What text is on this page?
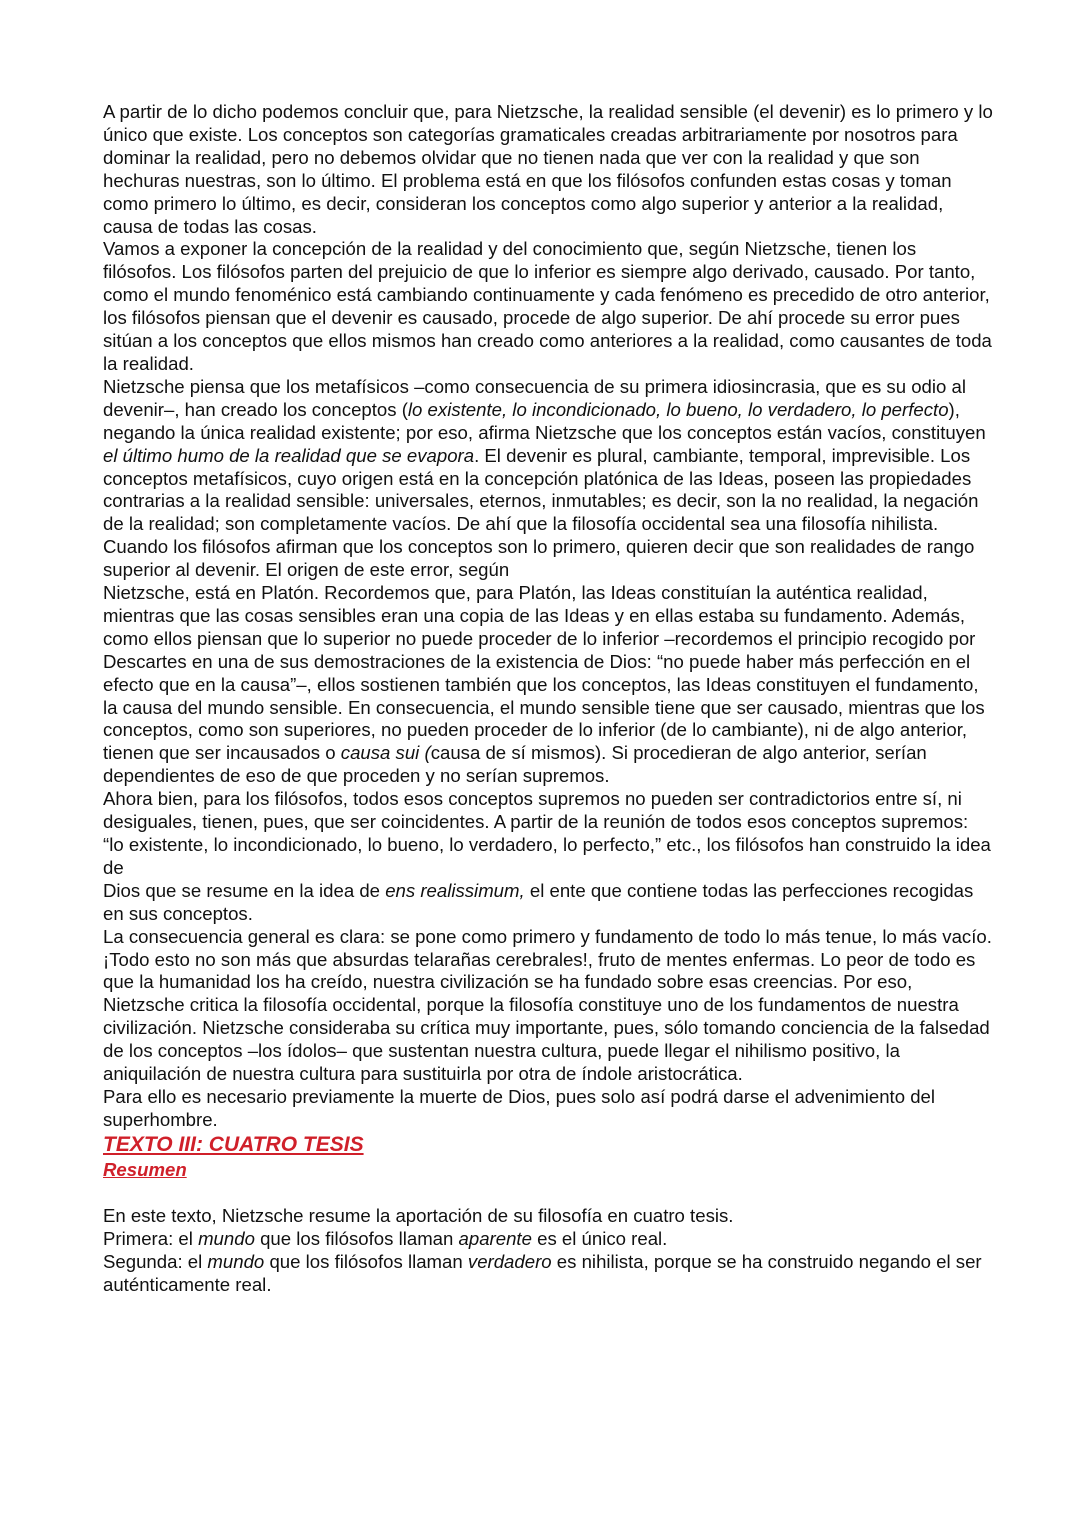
A partir de lo dicho podemos concluir que, para Nietzsche, la realidad sensible (el devenir) es lo primero y lo único que existe. Los conceptos son categorías gramaticales creadas arbitrariamente por nosotros para dominar la realidad, pero no debemos olvidar que no tienen nada que ver con la realidad y que son hechuras nuestras, son lo último. El problema está en que los filósofos confunden estas cosas y toman como primero lo último, es decir, consideran los conceptos como algo superior y anterior a la realidad, causa de todas las cosas.

Vamos a exponer la concepción de la realidad y del conocimiento que, según Nietzsche, tienen los filósofos. Los filósofos parten del prejuicio de que lo inferior es siempre algo derivado, causado. Por tanto, como el mundo fenoménico está cambiando continuamente y cada fenómeno es precedido de otro anterior, los filósofos piensan que el devenir es causado, procede de algo superior. De ahí procede su error pues sitúan a los conceptos que ellos mismos han creado como anteriores a la realidad, como causantes de toda la realidad.

Nietzsche piensa que los metafísicos –como consecuencia de su primera idiosincrasia, que es su odio al devenir–, han creado los conceptos (lo existente, lo incondicionado, lo bueno, lo verdadero, lo perfecto), negando la única realidad existente; por eso, afirma Nietzsche que los conceptos están vacíos, constituyen el último humo de la realidad que se evapora. El devenir es plural, cambiante, temporal, imprevisible. Los conceptos metafísicos, cuyo origen está en la concepción platónica de las Ideas, poseen las propiedades contrarias a la realidad sensible: universales, eternos, inmutables; es decir, son la no realidad, la negación de la realidad; son completamente vacíos. De ahí que la filosofía occidental sea una filosofía nihilista.

Cuando los filósofos afirman que los conceptos son lo primero, quieren decir que son realidades de rango superior al devenir. El origen de este error, según

Nietzsche, está en Platón. Recordemos que, para Platón, las Ideas constituían la auténtica realidad, mientras que las cosas sensibles eran una copia de las Ideas y en ellas estaba su fundamento. Además, como ellos piensan que lo superior no puede proceder de lo inferior –recordemos el principio recogido por Descartes en una de sus demostraciones de la existencia de Dios: “no puede haber más perfección en el efecto que en la causa”–, ellos sostienen también que los conceptos, las Ideas constituyen el fundamento, la causa del mundo sensible. En consecuencia, el mundo sensible tiene que ser causado, mientras que los conceptos, como son superiores, no pueden proceder de lo inferior (de lo cambiante), ni de algo anterior, tienen que ser incausados o causa sui (causa de sí mismos). Si procedieran de algo anterior, serían dependientes de eso de que proceden y no serían supremos.

Ahora bien, para los filósofos, todos esos conceptos supremos no pueden ser contradictorios entre sí, ni desiguales, tienen, pues, que ser coincidentes. A partir de la reunión de todos esos conceptos supremos: “lo existente, lo incondicionado, lo bueno, lo verdadero, lo perfecto,” etc., los filósofos han construido la idea de

Dios que se resume en la idea de ens realissimum, el ente que contiene todas las perfecciones recogidas en sus conceptos.

La consecuencia general es clara: se pone como primero y fundamento de todo lo más tenue, lo más vacío. ¡Todo esto no son más que absurdas telarañas cerebrales!, fruto de mentes enfermas. Lo peor de todo es que la humanidad los ha creído, nuestra civilización se ha fundado sobre esas creencias. Por eso, Nietzsche critica la filosofía occidental, porque la filosofía constituye uno de los fundamentos de nuestra civilización. Nietzsche consideraba su crítica muy importante, pues, sólo tomando conciencia de la falsedad de los conceptos –los ídolos– que sustentan nuestra cultura, puede llegar el nihilismo positivo, la aniquilación de nuestra cultura para sustituirla por otra de índole aristocrática.

Para ello es necesario previamente la muerte de Dios, pues solo así podrá darse el advenimiento del superhombre.

TEXTO III: CUATRO TESIS

Resumen

En este texto, Nietzsche resume la aportación de su filosofía en cuatro tesis.

Primera: el mundo que los filósofos llaman aparente es el único real.

Segunda: el mundo que los filósofos llaman verdadero es nihilista, porque se ha construido negando el ser auténticamente real.
